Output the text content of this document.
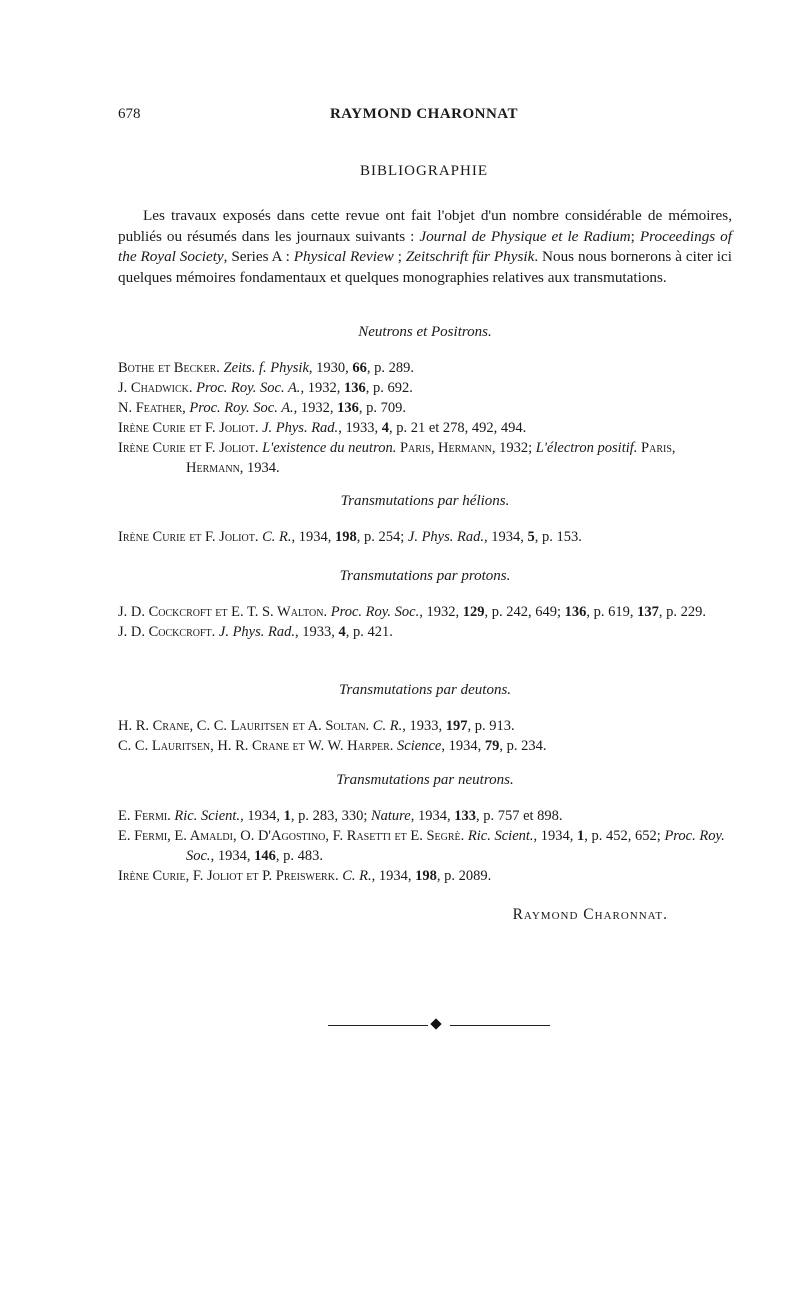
678	RAYMOND CHARONNAT
BIBLIOGRAPHIE

Les travaux exposés dans cette revue ont fait l'objet d'un nombre considérable de mémoires, publiés ou résumés dans les journaux suivants : Journal de Physique et le Radium; Proceedings of the Royal Society, Series A : Physical Review ; Zeitschrift für Physik. Nous nous bornerons à citer ici quelques mémoires fondamentaux et quelques monographies relatives aux transmutations.

Neutrons et Positrons.

Bothe et Becker. Zeits. f. Physik, 1930, 66, p. 289.

J. Chadwick. Proc. Roy. Soc. A., 1932, 136, p. 692.

N. Feather, Proc. Roy. Soc. A., 1932, 136, p. 709.

Irène Curie et F. Joliot. J. Phys. Rad., 1933, 4, p. 21 et 278, 492, 494.

Irène Curie et F. Joliot. L'existence du neutron. Paris, Hermann, 1932; L'électron positif. Paris, Hermann, 1934.

Transmutations par hélions.

Irène Curie et F. Joliot. C. R., 1934, 198, p. 254; J. Phys. Rad., 1934, 5, p. 153.

Transmutations par protons.

J. D. Cockcroft et E. T. S. Walton. Proc. Roy. Soc., 1932, 129, p. 242, 649; 136, p. 619, 137, p. 229.

J. D. Cockcroft. J. Phys. Rad., 1933, 4, p. 421.

Transmutations par deutons.

H. R. Crane, C. C. Lauritsen et A. Soltan. C. R., 1933, 197, p. 913.

C. C. Lauritsen, H. R. Crane et W. W. Harper. Science, 1934, 79, p. 234.

Transmutations par neutrons.

E. Fermi. Ric. Scient., 1934, 1, p. 283, 330; Nature, 1934, 133, p. 757 et 898.

E. Fermi, E. Amaldi, O. D'Agostino, F. Rasetti et E. Segrè. Ric. Scient., 1934, 1, p. 452, 652; Proc. Roy. Soc., 1934, 146, p. 483.

Irène Curie, F. Joliot et P. Preiswerk. C. R., 1934, 198, p. 2089.

Raymond Charonnat.
